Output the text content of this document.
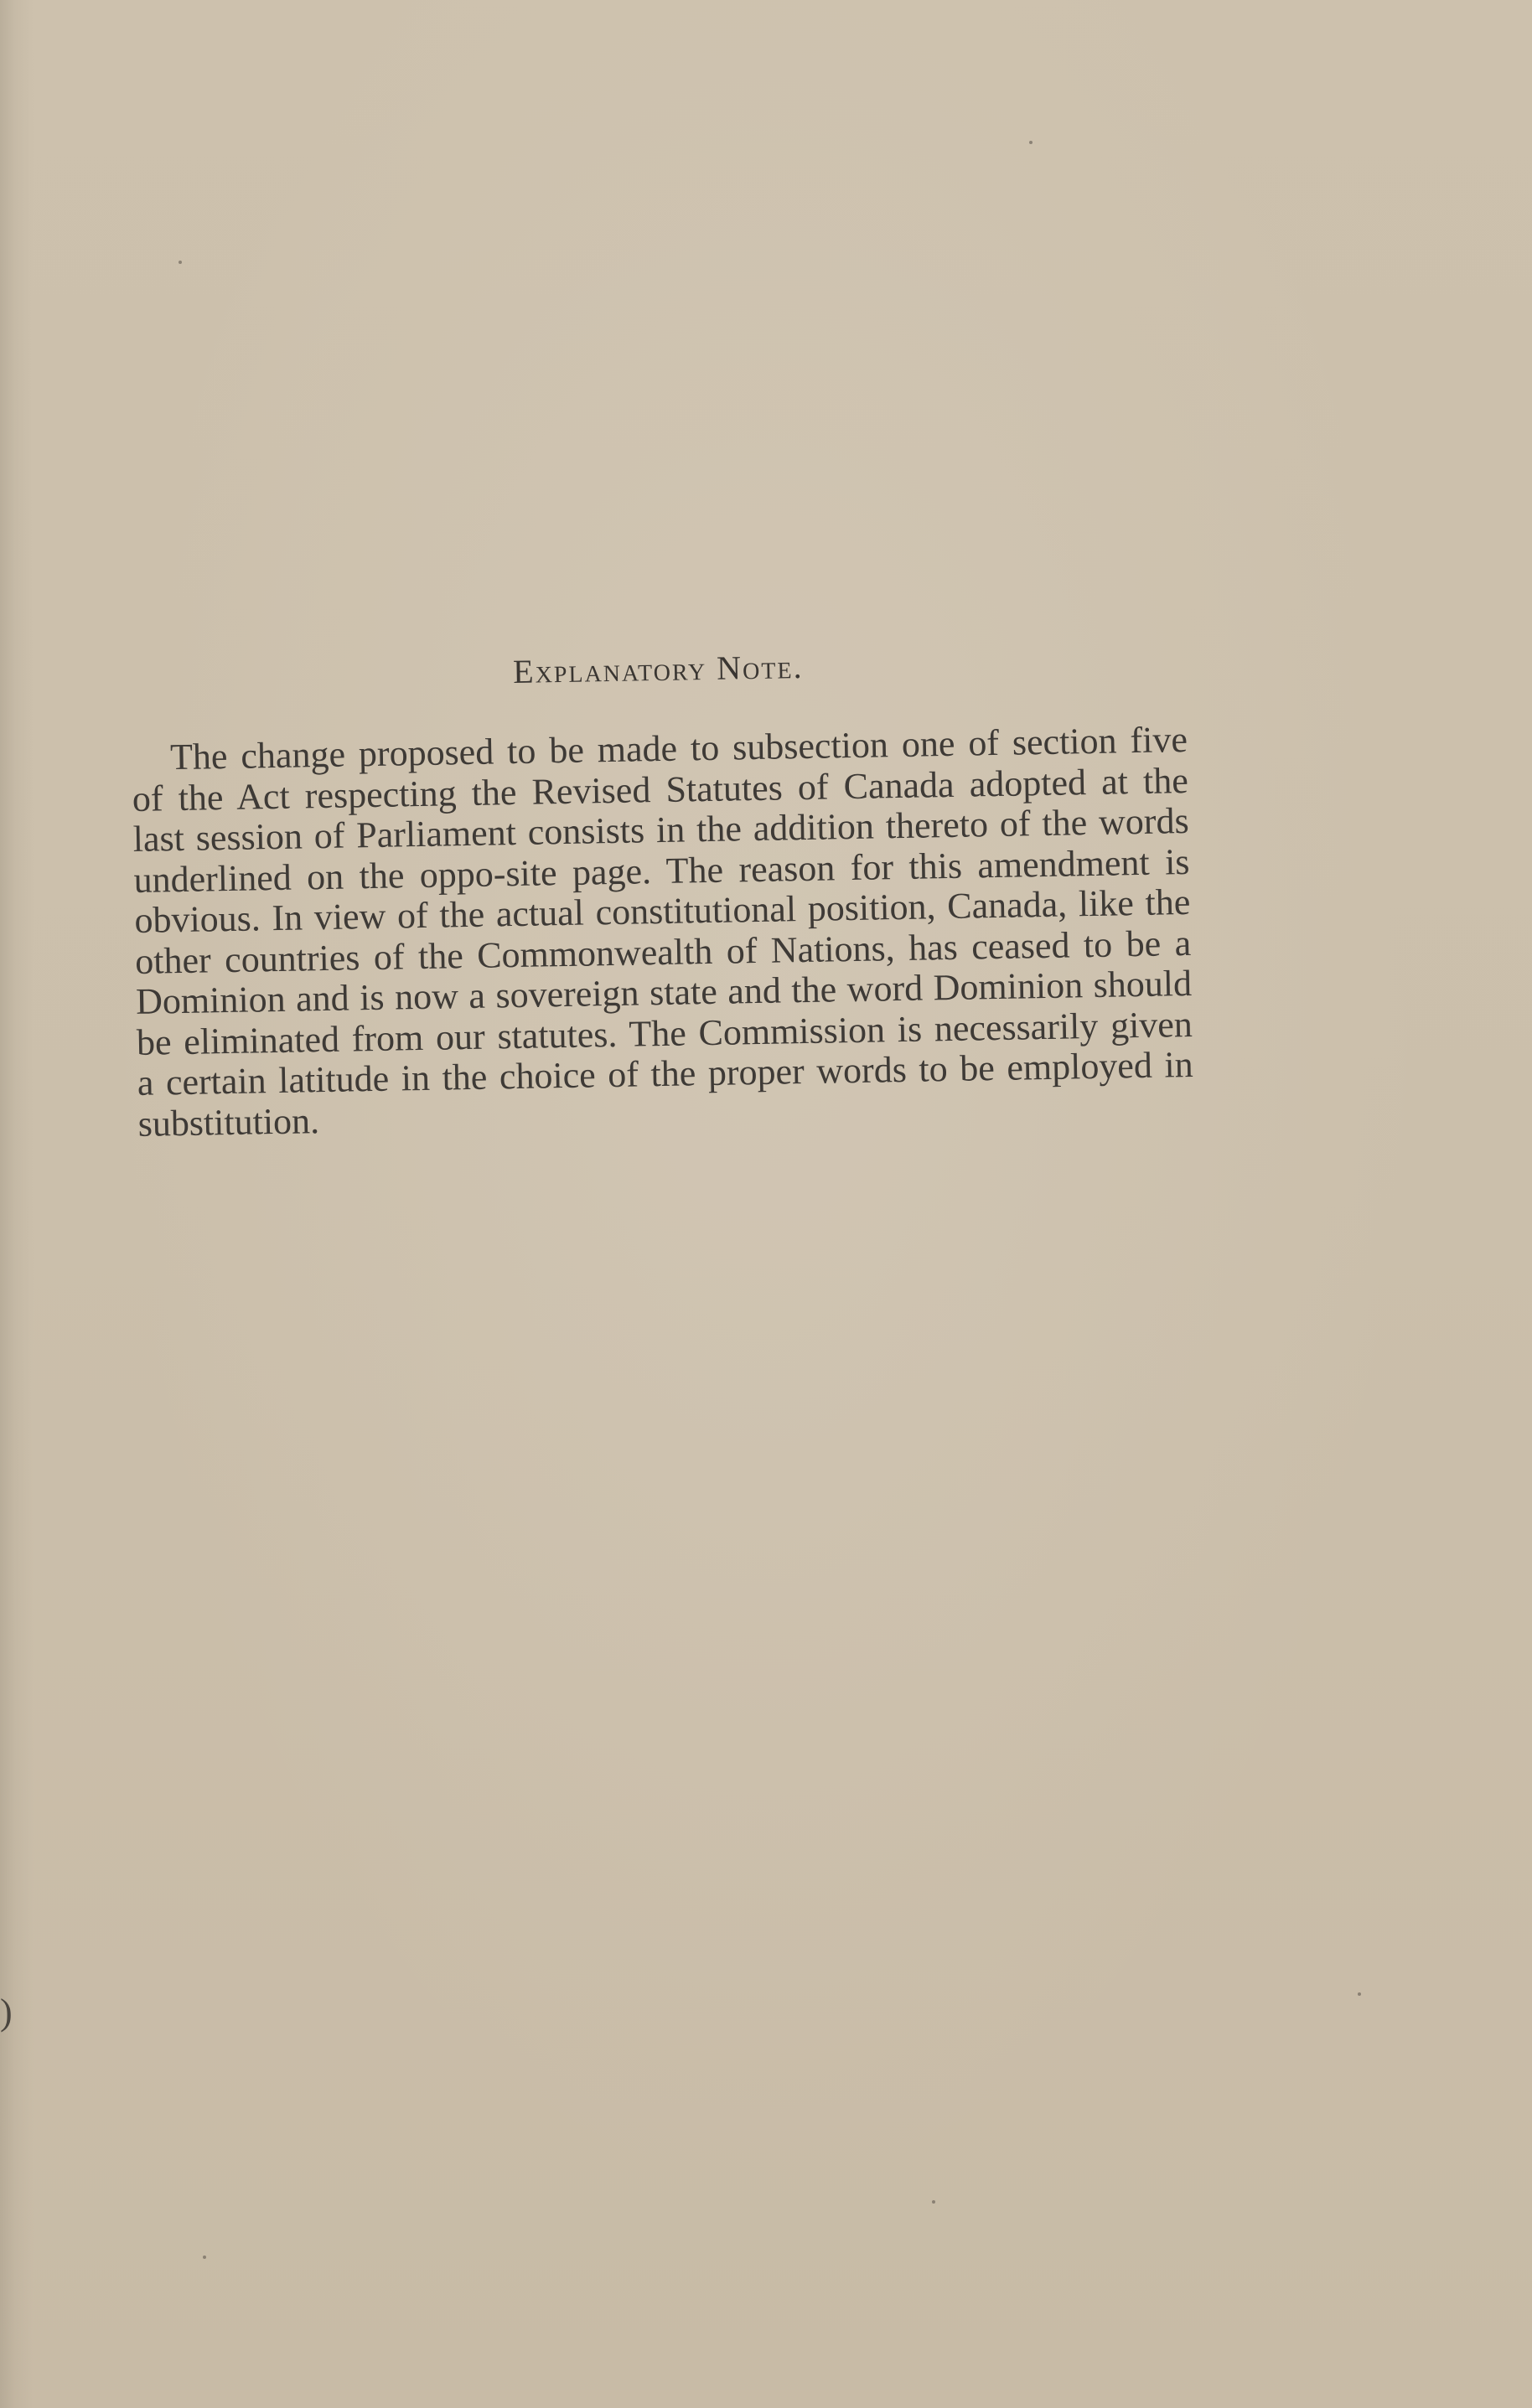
Explanatory Note.

The change proposed to be made to subsection one of section five of the Act respecting the Revised Statutes of Canada adopted at the last session of Parliament consists in the addition thereto of the words underlined on the oppo-site page. The reason for this amendment is obvious. In view of the actual constitutional position, Canada, like the other countries of the Commonwealth of Nations, has ceased to be a Dominion and is now a sovereign state and the word Dominion should be eliminated from our statutes. The Commission is necessarily given a certain latitude in the choice of the proper words to be employed in substitution.

)
